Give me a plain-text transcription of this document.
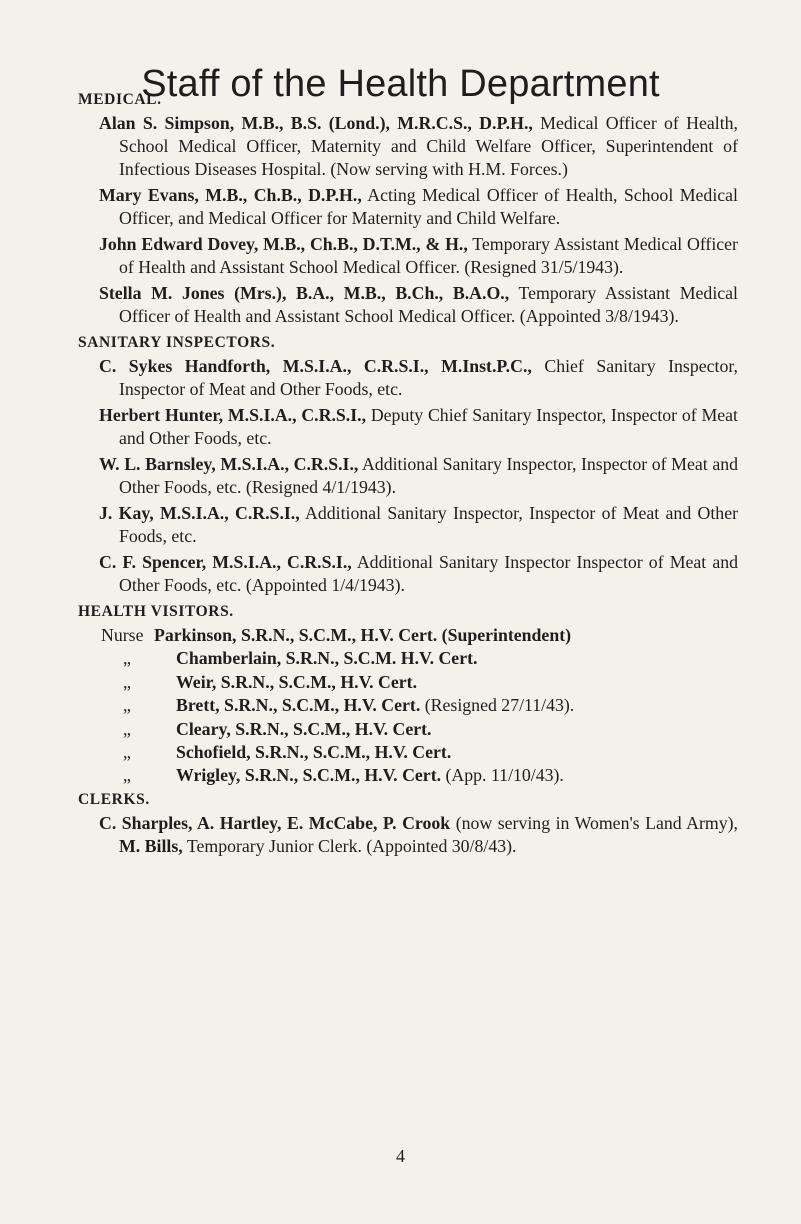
Staff of the Health Department

MEDICAL.

Alan S. Simpson, M.B., B.S. (Lond.), M.R.C.S., D.P.H., Medical Officer of Health, School Medical Officer, Maternity and Child Welfare Officer, Superintendent of Infectious Diseases Hospital. (Now serving with H.M. Forces.)

Mary Evans, M.B., Ch.B., D.P.H., Acting Medical Officer of Health, School Medical Officer, and Medical Officer for Maternity and Child Welfare.

John Edward Dovey, M.B., Ch.B., D.T.M., & H., Temporary Assistant Medical Officer of Health and Assistant School Medical Officer. (Resigned 31/5/1943).

Stella M. Jones (Mrs.), B.A., M.B., B.Ch., B.A.O., Temporary Assistant Medical Officer of Health and Assistant School Medical Officer. (Appointed 3/8/1943).

SANITARY INSPECTORS.

C. Sykes Handforth, M.S.I.A., C.R.S.I., M.Inst.P.C., Chief Sanitary Inspector, Inspector of Meat and Other Foods, etc.

Herbert Hunter, M.S.I.A., C.R.S.I., Deputy Chief Sanitary Inspector, Inspector of Meat and Other Foods, etc.

W. L. Barnsley, M.S.I.A., C.R.S.I., Additional Sanitary Inspector, Inspector of Meat and Other Foods, etc. (Resigned 4/1/1943).

J. Kay, M.S.I.A., C.R.S.I., Additional Sanitary Inspector, Inspector of Meat and Other Foods, etc.

C. F. Spencer, M.S.I.A., C.R.S.I., Additional Sanitary Inspector Inspector of Meat and Other Foods, etc. (Appointed 1/4/1943).

HEALTH VISITORS.

Nurse Parkinson, S.R.N., S.C.M., H.V. Cert. (Superintendent)
„	Chamberlain, S.R.N., S.C.M. H.V. Cert.
„	Weir, S.R.N., S.C.M., H.V. Cert.
„	Brett, S.R.N., S.C.M., H.V. Cert. (Resigned 27/11/43).
„	Cleary, S.R.N., S.C.M., H.V. Cert.
„	Schofield, S.R.N., S.C.M., H.V. Cert.
„	Wrigley, S.R.N., S.C.M., H.V. Cert. (App. 11/10/43).

CLERKS.

C. Sharples, A. Hartley, E. McCabe, P. Crook (now serving in Women's Land Army), M. Bills, Temporary Junior Clerk. (Appointed 30/8/43).

4
